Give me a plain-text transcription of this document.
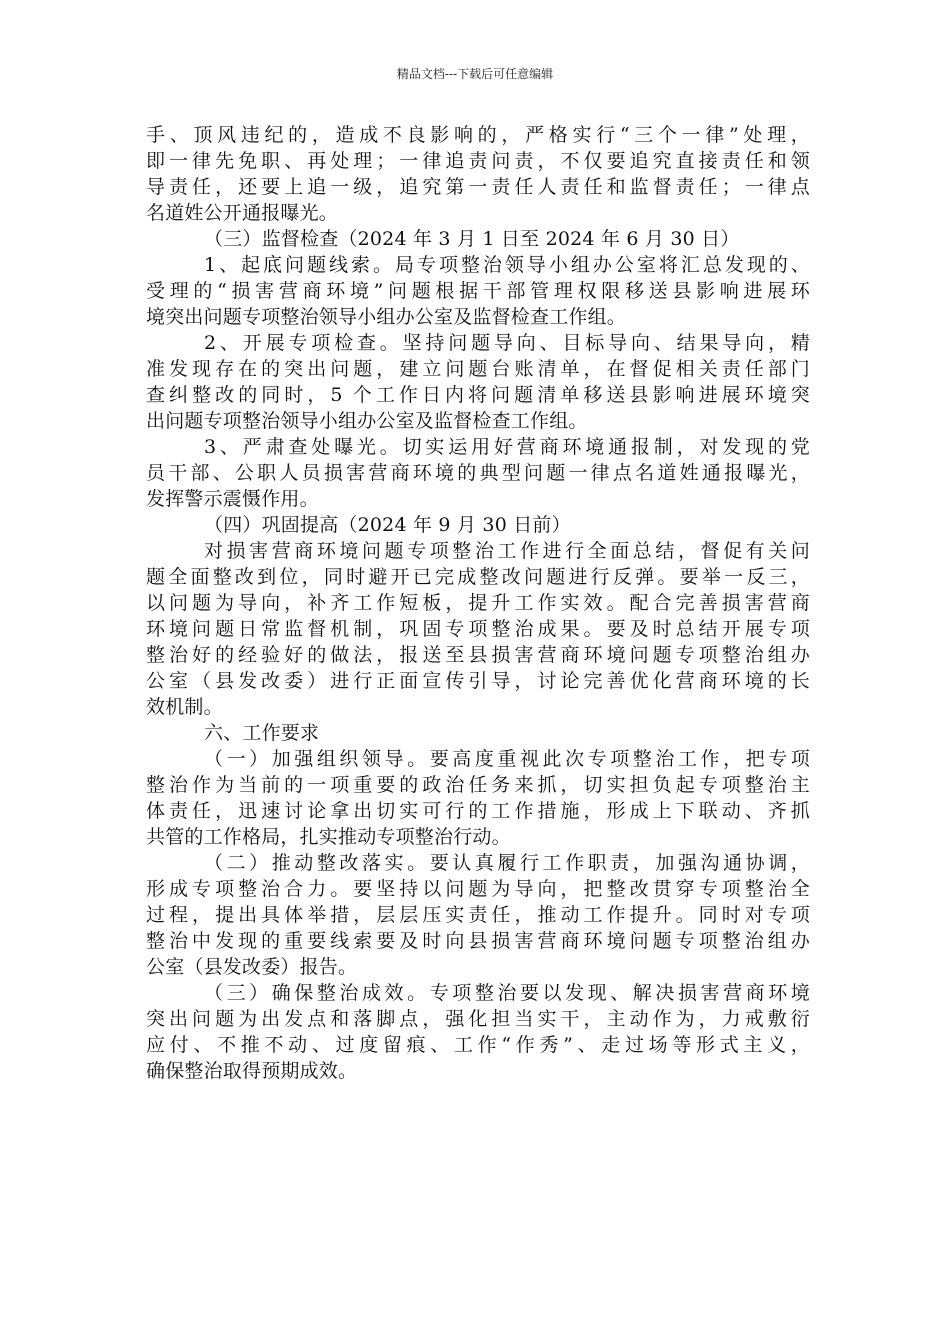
精品文档---下载后可任意编辑
手、顶风违纪的，造成不良影响的，严格实行“三个一律”处理，
即一律先免职、再处理；一律追责问责，不仅要追究直接责任和领
导责任，还要上追一级，追究第一责任人责任和监督责任；一律点
名道姓公开通报曝光。
（三）监督检查（2024 年 3 月 1 日至 2024 年 6 月 30 日）
1、起底问题线索。局专项整治领导小组办公室将汇总发现的、
受理的“损害营商环境”问题根据干部管理权限移送县影响进展环
境突出问题专项整治领导小组办公室及监督检查工作组。
2、开展专项检查。坚持问题导向、目标导向、结果导向，精
准发现存在的突出问题，建立问题台账清单，在督促相关责任部门
查纠整改的同时，5 个工作日内将问题清单移送县影响进展环境突
出问题专项整治领导小组办公室及监督检查工作组。
3、严肃查处曝光。切实运用好营商环境通报制，对发现的党
员干部、公职人员损害营商环境的典型问题一律点名道姓通报曝光，
发挥警示震慑作用。
（四）巩固提高（2024 年 9 月 30 日前）
对损害营商环境问题专项整治工作进行全面总结，督促有关问
题全面整改到位，同时避开已完成整改问题进行反弹。要举一反三，
以问题为导向，补齐工作短板，提升工作实效。配合完善损害营商
环境问题日常监督机制，巩固专项整治成果。要及时总结开展专项
整治好的经验好的做法，报送至县损害营商环境问题专项整治组办
公室（县发改委）进行正面宣传引导，讨论完善优化营商环境的长
效机制。
六、工作要求
（一）加强组织领导。要高度重视此次专项整治工作，把专项
整治作为当前的一项重要的政治任务来抓，切实担负起专项整治主
体责任，迅速讨论拿出切实可行的工作措施，形成上下联动、齐抓
共管的工作格局，扎实推动专项整治行动。
（二）推动整改落实。要认真履行工作职责，加强沟通协调，
形成专项整治合力。要坚持以问题为导向，把整改贯穿专项整治全
过程，提出具体举措，层层压实责任，推动工作提升。同时对专项
整治中发现的重要线索要及时向县损害营商环境问题专项整治组办
公室（县发改委）报告。
（三）确保整治成效。专项整治要以发现、解决损害营商环境
突出问题为出发点和落脚点，强化担当实干，主动作为，力戒敷衍
应付、不推不动、过度留痕、工作“作秀”、走过场等形式主义，
确保整治取得预期成效。
